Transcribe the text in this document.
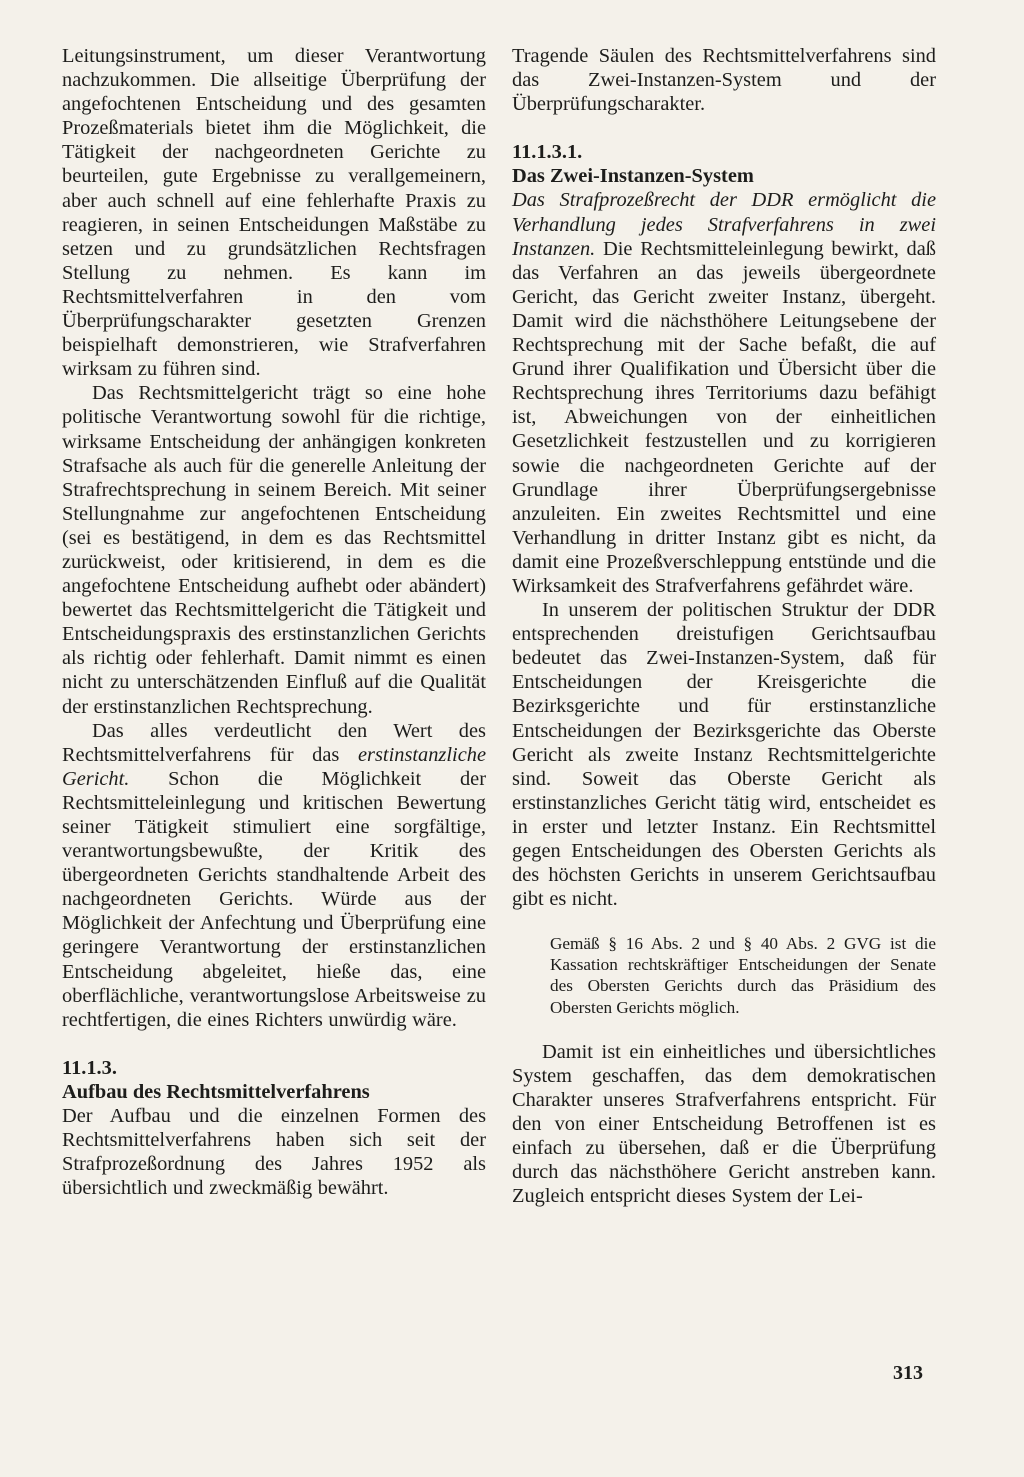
Leitungsinstrument, um dieser Verantwortung nachzukommen. Die allseitige Überprüfung der angefochtenen Entscheidung und des gesamten Prozeßmaterials bietet ihm die Möglichkeit, die Tätigkeit der nachgeordneten Gerichte zu beurteilen, gute Ergebnisse zu verallgemeinern, aber auch schnell auf eine fehlerhafte Praxis zu reagieren, in seinen Entscheidungen Maßstäbe zu setzen und zu grundsätzlichen Rechtsfragen Stellung zu nehmen. Es kann im Rechtsmittelverfahren in den vom Überprüfungscharakter gesetzten Grenzen beispielhaft demonstrieren, wie Strafverfahren wirksam zu führen sind.

Das Rechtsmittelgericht trägt so eine hohe politische Verantwortung sowohl für die richtige, wirksame Entscheidung der anhängigen konkreten Strafsache als auch für die generelle Anleitung der Strafrechtsprechung in seinem Bereich. Mit seiner Stellungnahme zur angefochtenen Entscheidung (sei es bestätigend, in dem es das Rechtsmittel zurückweist, oder kritisierend, in dem es die angefochtene Entscheidung aufhebt oder abändert) bewertet das Rechtsmittelgericht die Tätigkeit und Entscheidungspraxis des erstinstanzlichen Gerichts als richtig oder fehlerhaft. Damit nimmt es einen nicht zu unterschätzenden Einfluß auf die Qualität der erstinstanzlichen Rechtsprechung.

Das alles verdeutlicht den Wert des Rechtsmittelverfahrens für das erstinstanzliche Gericht. Schon die Möglichkeit der Rechtsmitteleinlegung und kritischen Bewertung seiner Tätigkeit stimuliert eine sorgfältige, verantwortungsbewußte, der Kritik des übergeordneten Gerichts standhaltende Arbeit des nachgeordneten Gerichts. Würde aus der Möglichkeit der Anfechtung und Überprüfung eine geringere Verantwortung der erstinstanzlichen Entscheidung abgeleitet, hieße das, eine oberflächliche, verantwortungslose Arbeitsweise zu rechtfertigen, die eines Richters unwürdig wäre.

11.1.3.
Aufbau des Rechtsmittelverfahrens

Der Aufbau und die einzelnen Formen des Rechtsmittelverfahrens haben sich seit der Strafprozeßordnung des Jahres 1952 als übersichtlich und zweckmäßig bewährt.

Tragende Säulen des Rechtsmittelverfahrens sind das Zwei-Instanzen-System und der Überprüfungscharakter.

11.1.3.1.
Das Zwei-Instanzen-System

Das Strafprozeßrecht der DDR ermöglicht die Verhandlung jedes Strafverfahrens in zwei Instanzen. Die Rechtsmitteleinlegung bewirkt, daß das Verfahren an das jeweils übergeordnete Gericht, das Gericht zweiter Instanz, übergeht. Damit wird die nächsthöhere Leitungsebene der Rechtsprechung mit der Sache befaßt, die auf Grund ihrer Qualifikation und Übersicht über die Rechtsprechung ihres Territoriums dazu befähigt ist, Abweichungen von der einheitlichen Gesetzlichkeit festzustellen und zu korrigieren sowie die nachgeordneten Gerichte auf der Grundlage ihrer Überprüfungsergebnisse anzuleiten. Ein zweites Rechtsmittel und eine Verhandlung in dritter Instanz gibt es nicht, da damit eine Prozeßverschleppung entstünde und die Wirksamkeit des Strafverfahrens gefährdet wäre.

In unserem der politischen Struktur der DDR entsprechenden dreistufigen Gerichtsaufbau bedeutet das Zwei-Instanzen-System, daß für Entscheidungen der Kreisgerichte die Bezirksgerichte und für erstinstanzliche Entscheidungen der Bezirksgerichte das Oberste Gericht als zweite Instanz Rechtsmittelgerichte sind. Soweit das Oberste Gericht als erstinstanzliches Gericht tätig wird, entscheidet es in erster und letzter Instanz. Ein Rechtsmittel gegen Entscheidungen des Obersten Gerichts als des höchsten Gerichts in unserem Gerichtsaufbau gibt es nicht.

Gemäß § 16 Abs. 2 und § 40 Abs. 2 GVG ist die Kassation rechtskräftiger Entscheidungen der Senate des Obersten Gerichts durch das Präsidium des Obersten Gerichts möglich.

Damit ist ein einheitliches und übersichtliches System geschaffen, das dem demokratischen Charakter unseres Strafverfahrens entspricht. Für den von einer Entscheidung Betroffenen ist es einfach zu übersehen, daß er die Überprüfung durch das nächsthöhere Gericht anstreben kann. Zugleich entspricht dieses System der Lei-

313
